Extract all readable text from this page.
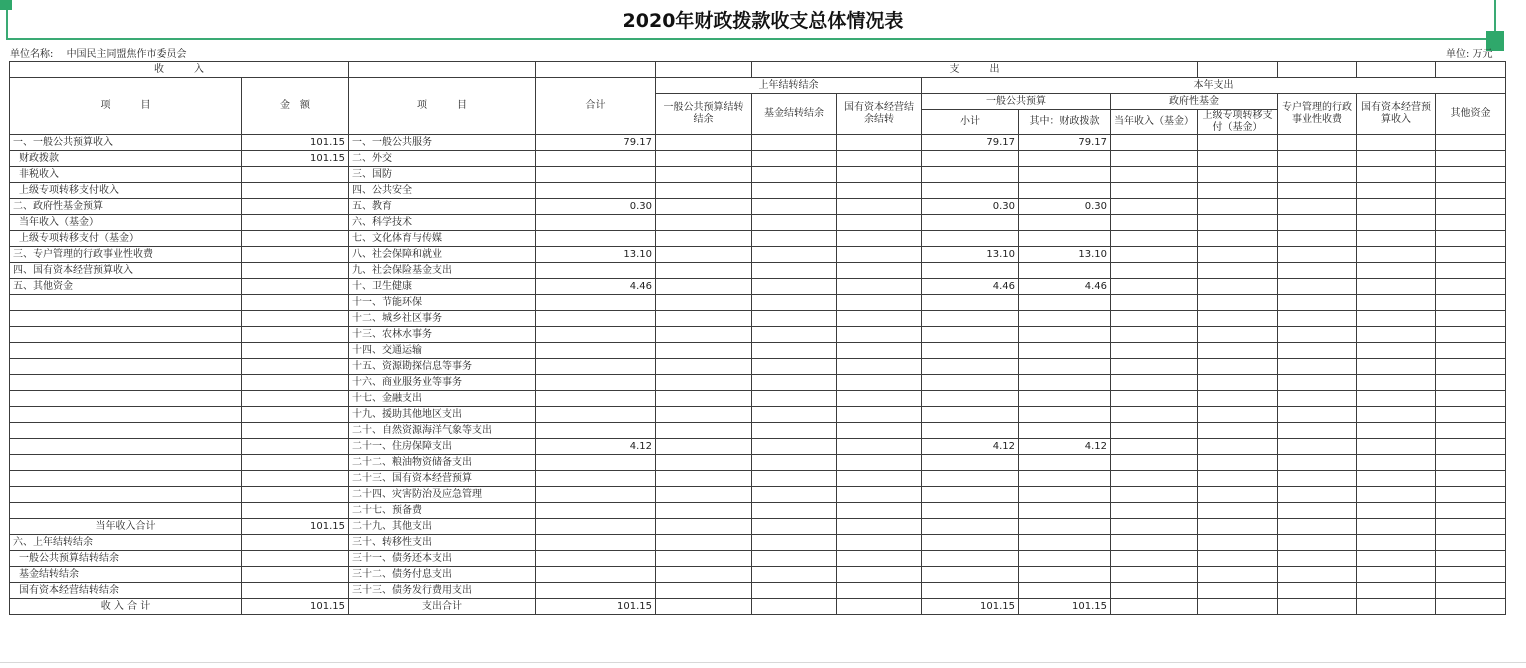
2020年财政拨款收支总体情况表
单位名称: 中国民主同盟焦作市委员会	单位: 万元
收　　　入					支　　　出								
项　　　目	金　额	项　　　目	合计	上年结转结余			本年支出						
				一般公共预算结转结余	基金结转结余	国有资本经营结余结转	一般公共预算		政府性基金		专户管理的行政事业性收费	国有资本经营预算收入	其他资金
							小计	其中：财政拨款	当年收入（基金）	上级专项转移支付（基金）			
一、一般公共预算收入	101.15	一、一般公共服务	79.17				79.17	79.17					
财政拨款	101.15	二、外交											
非税收入		三、国防											
上级专项转移支付收入		四、公共安全											
二、政府性基金预算		五、教育	0.30				0.30	0.30					
当年收入（基金）		六、科学技术											
上级专项转移支付（基金）		七、文化体育与传媒											
三、专户管理的行政事业性收费		八、社会保障和就业	13.10				13.10	13.10					
四、国有资本经营预算收入		九、社会保险基金支出											
五、其他资金		十、卫生健康	4.46				4.46	4.46					
		十一、节能环保											
		十二、城乡社区事务											
		十三、农林水事务											
		十四、交通运输											
		十五、资源勘探信息等事务											
		十六、商业服务业等事务											
		十七、金融支出											
		十九、援助其他地区支出											
		二十、自然资源海洋气象等支出											
		二十一、住房保障支出	4.12				4.12	4.12					
		二十二、粮油物资储备支出											
		二十三、国有资本经营预算											
		二十四、灾害防治及应急管理											
		二十七、预备费											
当年收入合计	101.15	二十九、其他支出											
六、上年结转结余		三十、转移性支出											
一般公共预算结转结余		三十一、债务还本支出											
基金结转结余		三十二、债务付息支出											
国有资本经营结转结余		三十三、债务发行费用支出											
收 入 合 计	101.15	支出合计	101.15				101.15	101.15					
